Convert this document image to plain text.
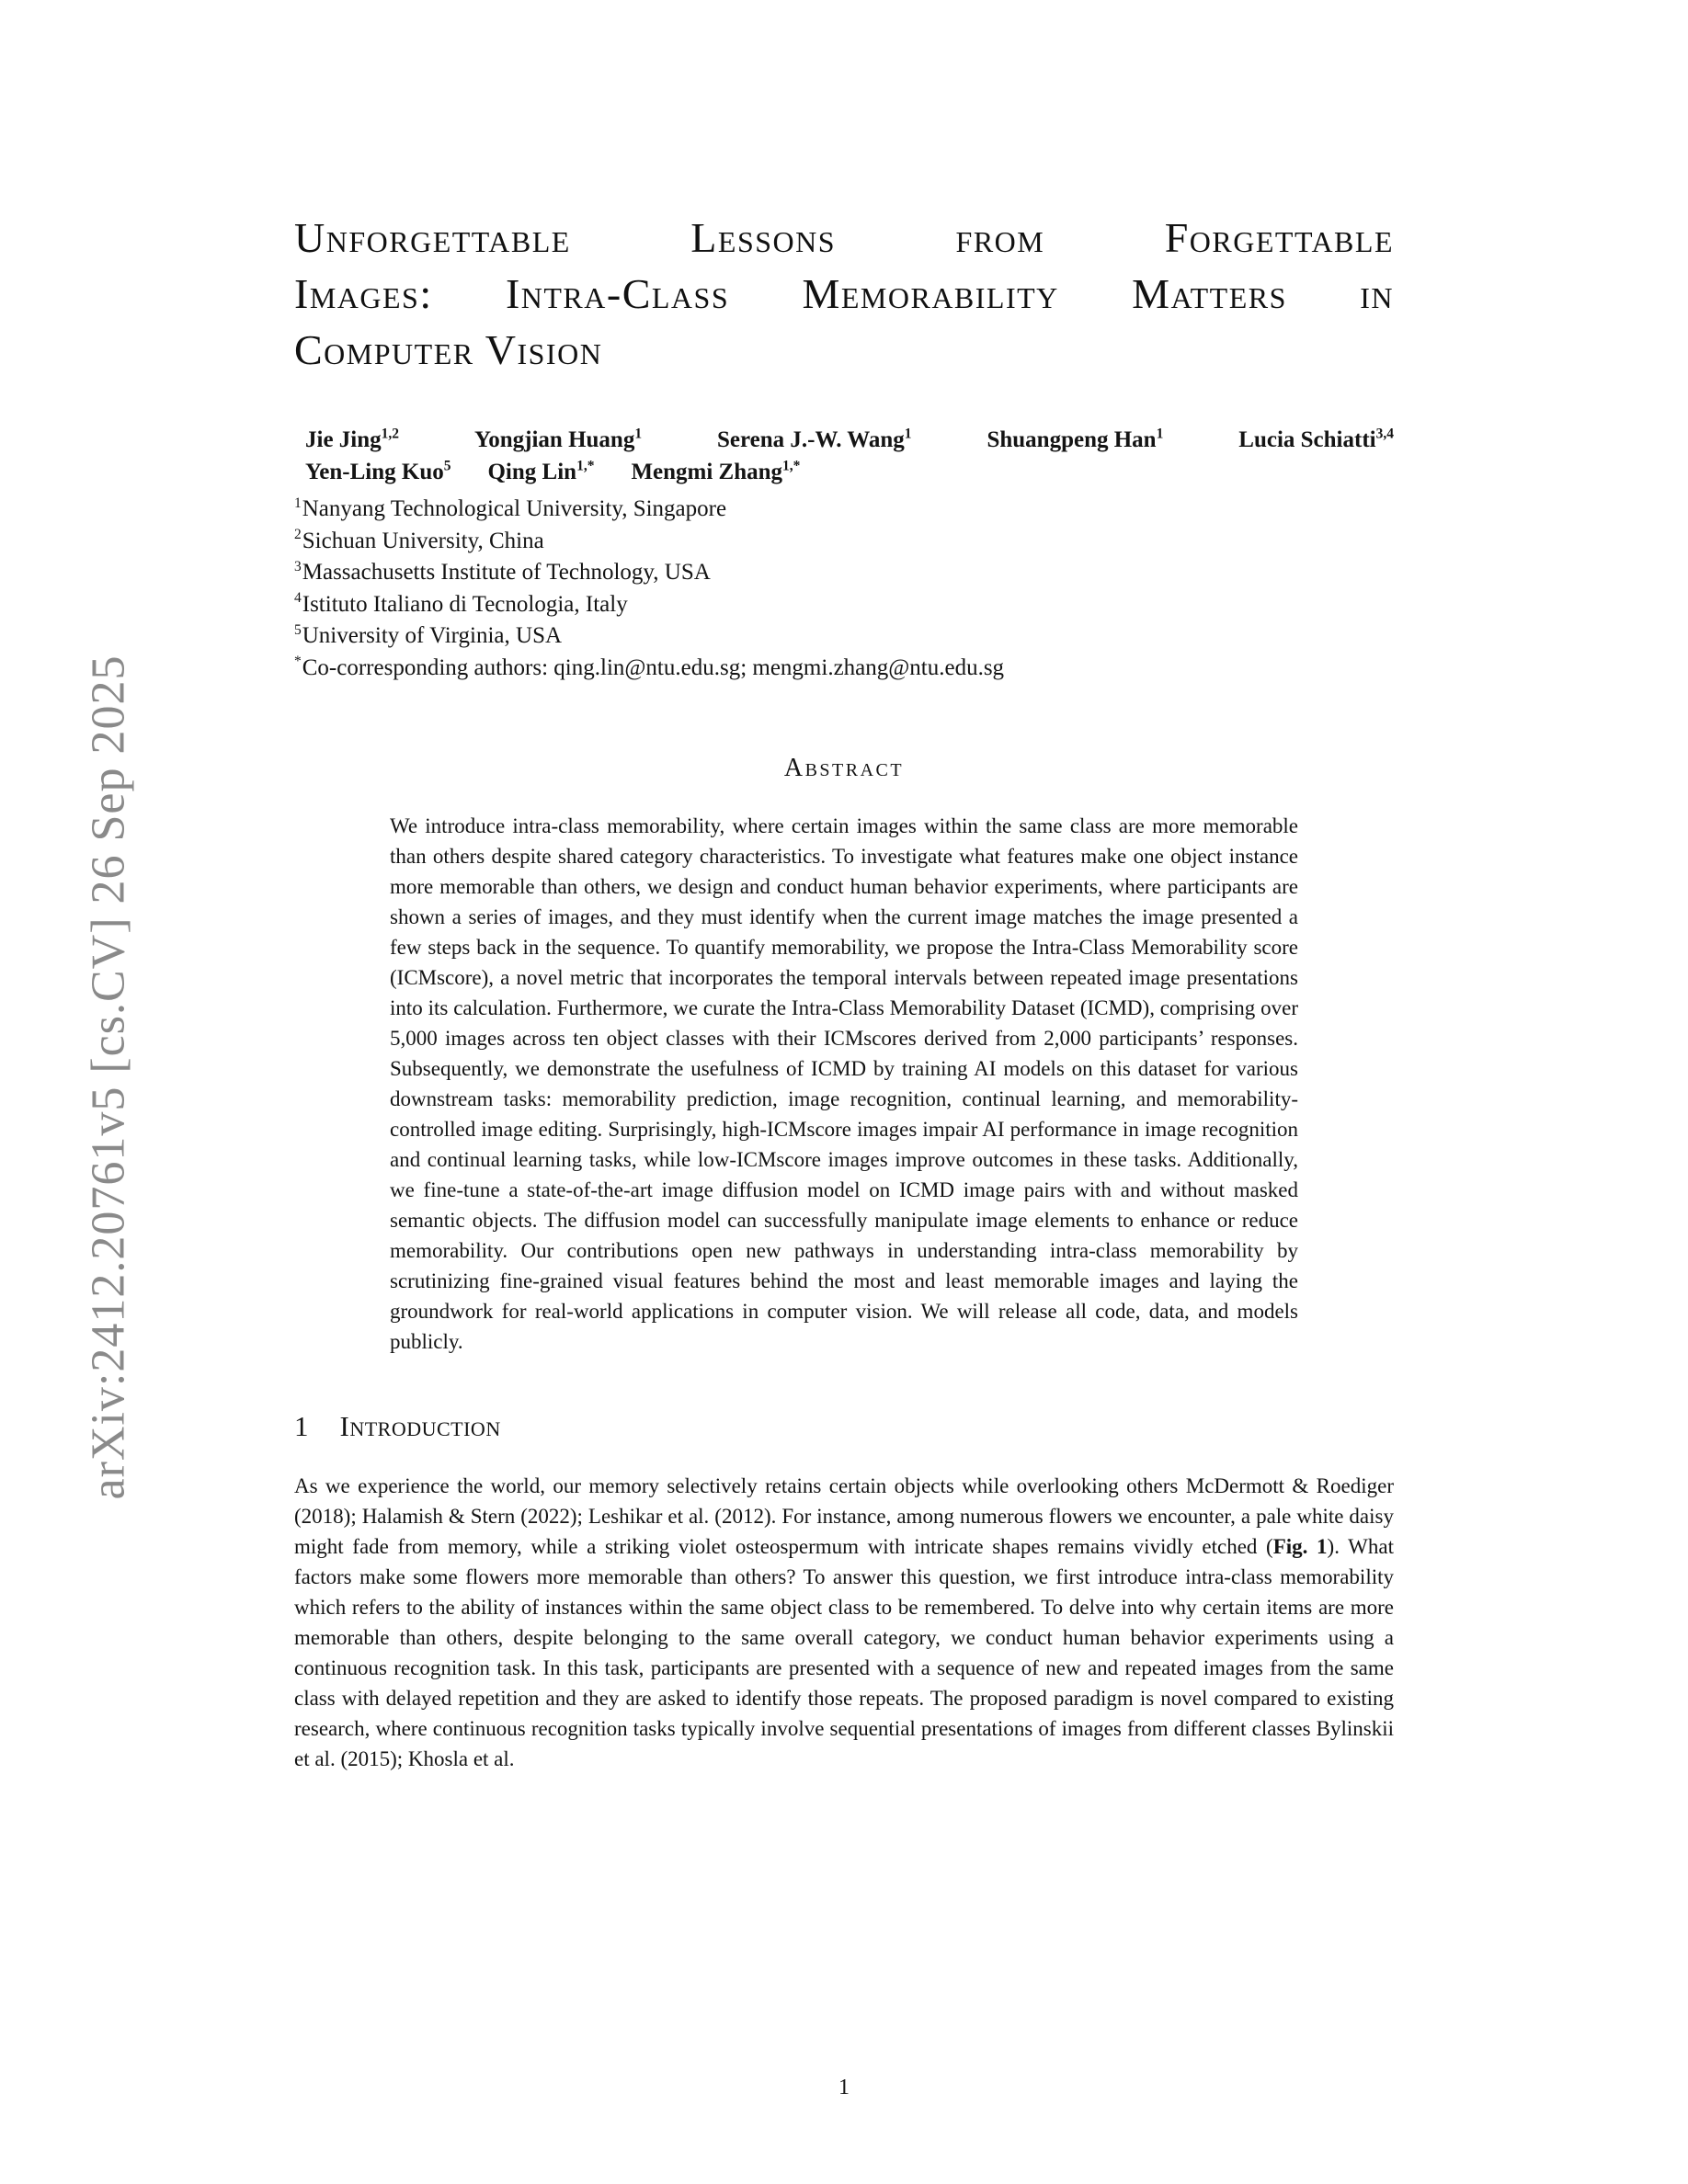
arXiv:2412.20761v5 [cs.CV] 26 Sep 2025
Unforgettable Lessons from Forgettable
Images: Intra-Class Memorability Matters in
Computer Vision
Jie Jing$^{1,2}$	Yongjian Huang$^1$	Serena J.-W. Wang$^1$	Shuangpeng Han$^1$	Lucia Schiatti$^{3,4}$
Yen-Ling Kuo$^5$ Qing Lin$^{1,*}$ Mengmi Zhang$^{1,*}$
$^1$Nanyang Technological University, Singapore
$^2$Sichuan University, China
$^3$Massachusetts Institute of Technology, USA
$^4$Istituto Italiano di Tecnologia, Italy
$^5$University of Virginia, USA
*Co-corresponding authors: qing.lin@ntu.edu.sg; mengmi.zhang@ntu.edu.sg
Abstract

We introduce intra-class memorability, where certain images within the same class are more memorable than others despite shared category characteristics. To investigate what features make one object instance more memorable than others, we design and conduct human behavior experiments, where participants are shown a series of images, and they must identify when the current image matches the image presented a few steps back in the sequence. To quantify memorability, we propose the Intra-Class Memorability score (ICMscore), a novel metric that incorporates the temporal intervals between repeated image presentations into its calculation. Furthermore, we curate the Intra-Class Memorability Dataset (ICMD), comprising over 5,000 images across ten object classes with their ICMscores derived from 2,000 participants’ responses. Subsequently, we demonstrate the usefulness of ICMD by training AI models on this dataset for various downstream tasks: memorability prediction, image recognition, continual learning, and memorability-controlled image editing. Surprisingly, high-ICMscore images impair AI performance in image recognition and continual learning tasks, while low-ICMscore images improve outcomes in these tasks. Additionally, we fine-tune a state-of-the-art image diffusion model on ICMD image pairs with and without masked semantic objects. The diffusion model can successfully manipulate image elements to enhance or reduce memorability. Our contributions open new pathways in understanding intra-class memorability by scrutinizing fine-grained visual features behind the most and least memorable images and laying the groundwork for real-world applications in computer vision. We will release all code, data, and models publicly.

1 Introduction

As we experience the world, our memory selectively retains certain objects while overlooking others McDermott & Roediger (2018); Halamish & Stern (2022); Leshikar et al. (2012). For instance, among numerous flowers we encounter, a pale white daisy might fade from memory, while a striking violet osteospermum with intricate shapes remains vividly etched (Fig. 1). What factors make some flowers more memorable than others? To answer this question, we first introduce intra-class memorability which refers to the ability of instances within the same object class to be remembered. To delve into why certain items are more memorable than others, despite belonging to the same overall category, we conduct human behavior experiments using a continuous recognition task. In this task, participants are presented with a sequence of new and repeated images from the same class with delayed repetition and they are asked to identify those repeats. The proposed paradigm is novel compared to existing research, where continuous recognition tasks typically involve sequential presentations of images from different classes Bylinskii et al. (2015); Khosla et al.

1
